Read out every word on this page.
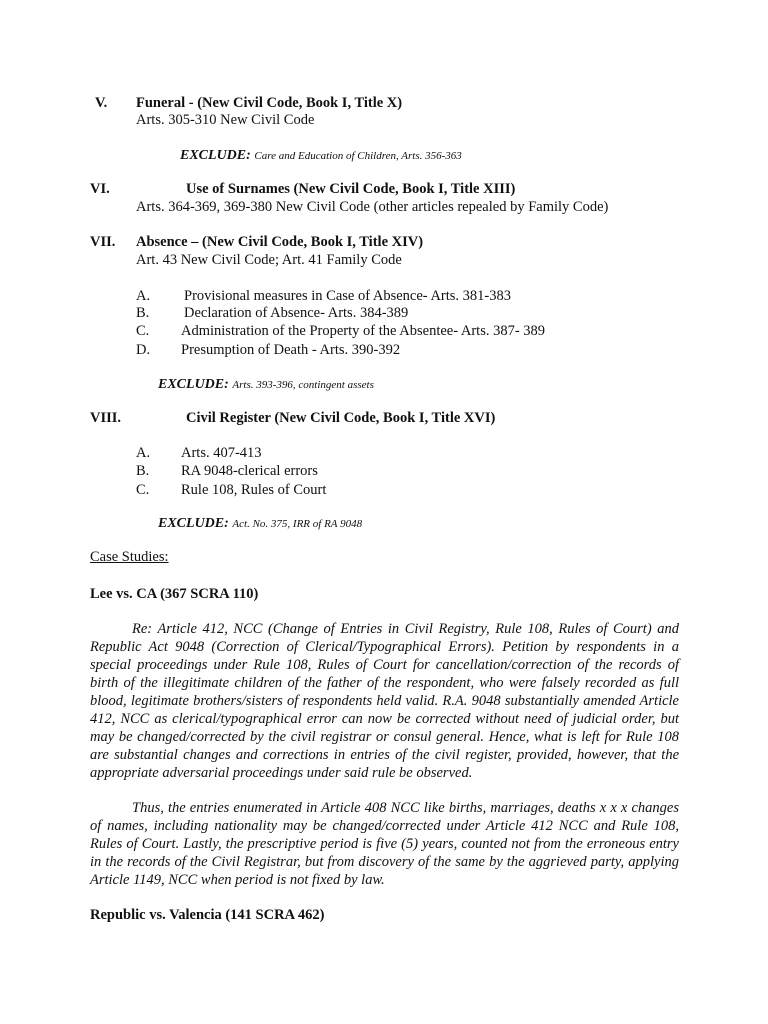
V. Funeral - (New Civil Code, Book I, Title X)
Arts. 305-310 New Civil Code
EXCLUDE: Care and Education of Children, Arts. 356-363
VI.	Use of Surnames (New Civil Code, Book I, Title XIII)
Arts. 364-369, 369-380 New Civil Code (other articles repealed by Family Code)
VII. Absence – (New Civil Code, Book I, Title XIV)
Art. 43 New Civil Code; Art. 41 Family Code
A. Provisional measures in Case of Absence- Arts. 381-383
B. Declaration of Absence- Arts. 384-389
C. Administration of the Property of the Absentee- Arts. 387- 389
D. Presumption of Death - Arts. 390-392
EXCLUDE: Arts. 393-396, contingent assets
VIII.	Civil Register (New Civil Code, Book I, Title XVI)
A. Arts. 407-413
B. RA 9048-clerical errors
C. Rule 108, Rules of Court
EXCLUDE: Act. No. 375, IRR of RA 9048
Case Studies:
Lee vs. CA (367 SCRA 110)

Re: Article 412, NCC (Change of Entries in Civil Registry, Rule 108, Rules of Court) and Republic Act 9048 (Correction of Clerical/Typographical Errors). Petition by respondents in a special proceedings under Rule 108, Rules of Court for cancellation/correction of the records of birth of the illegitimate children of the father of the respondent, who were falsely recorded as full blood, legitimate brothers/sisters of respondents held valid. R.A. 9048 substantially amended Article 412, NCC as clerical/typographical error can now be corrected without need of judicial order, but may be changed/corrected by the civil registrar or consul general. Hence, what is left for Rule 108 are substantial changes and corrections in entries of the civil register, provided, however, that the appropriate adversarial proceedings under said rule be observed.

Thus, the entries enumerated in Article 408 NCC like births, marriages, deaths x x x changes of names, including nationality may be changed/corrected under Article 412 NCC and Rule 108, Rules of Court. Lastly, the prescriptive period is five (5) years, counted not from the erroneous entry in the records of the Civil Registrar, but from discovery of the same by the aggrieved party, applying Article 1149, NCC when period is not fixed by law.

Republic vs. Valencia (141 SCRA 462)
